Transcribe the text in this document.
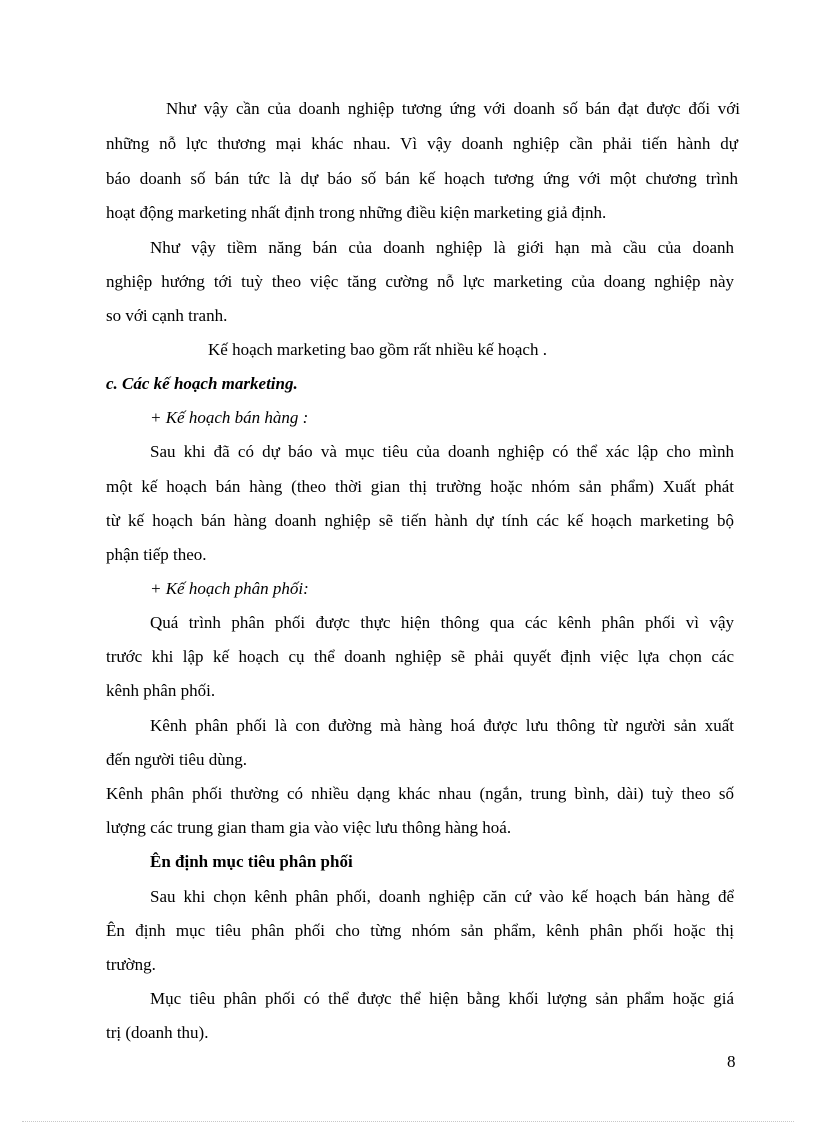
Như vậy cần của doanh nghiệp tương ứng với doanh số bán đạt được đối với
những nỗ lực thương mại khác nhau. Vì vậy doanh nghiệp cần phải tiến hành dự
báo doanh số bán tức là dự báo số bán kế hoạch tương ứng với một chương trình
hoạt động marketing nhất định trong những điều kiện marketing giả định.
Như vậy tiềm năng bán của doanh nghiệp là giới hạn mà cầu của doanh
nghiệp hướng tới tuỳ theo việc tăng cường nỗ lực marketing của doang nghiệp này
so với cạnh tranh.
Kế hoạch marketing bao gồm rất nhiều kế hoạch .
c. Các kế hoạch marketing.
+ Kế hoạch bán hàng :
Sau khi đã có dự báo và mục tiêu của doanh nghiệp có thể xác lập cho mình
một kế hoạch bán hàng (theo thời gian thị trường hoặc nhóm sản phẩm) Xuất phát
từ kế hoạch bán hàng doanh nghiệp sẽ tiến hành dự tính các kế hoạch marketing bộ
phận tiếp theo.
+ Kế hoạch phân phối:
Quá trình phân phối được thực hiện thông qua các kênh phân phối vì vậy
trước khi lập kế hoạch cụ thể doanh nghiệp sẽ phải quyết định việc lựa chọn các
kênh phân phối.
Kênh phân phối là con đường mà hàng hoá được lưu thông từ người sản xuất
đến người tiêu dùng.
Kênh phân phối thường có nhiều dạng khác nhau (ngắn, trung bình, dài) tuỳ theo số
lượng các trung gian tham gia vào việc lưu thông hàng hoá.
Ên định mục tiêu phân phối
Sau khi chọn kênh phân phối, doanh nghiệp căn cứ vào kế hoạch bán hàng để
Ên định mục tiêu phân phối cho từng nhóm sản phẩm, kênh phân phối hoặc thị
trường.
Mục tiêu phân phối có thể được thể hiện bằng khối lượng sản phẩm hoặc giá
trị (doanh thu).
8
